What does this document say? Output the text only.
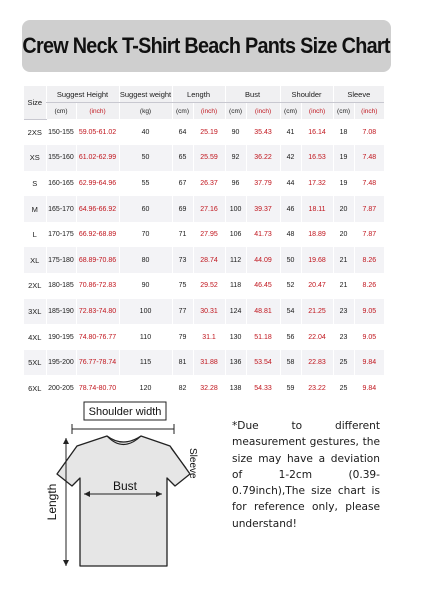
Crew Neck T-Shirt Beach Pants Size Chart
Size	Suggest Height		Suggest weight	Length		Bust		Shoulder		Sleeve	
	(cm)	(inch)	(kg)	(cm)	(inch)	(cm)	(inch)	(cm)	(inch)	(cm)	(inch)
2XS	150-155	59.05-61.02	40	64	25.19	90	35.43	41	16.14	18	7.08
XS	155-160	61.02-62.99	50	65	25.59	92	36.22	42	16.53	19	7.48
S	160-165	62.99-64.96	55	67	26.37	96	37.79	44	17.32	19	7.48
M	165-170	64.96-66.92	60	69	27.16	100	39.37	46	18.11	20	7.87
L	170-175	66.92-68.89	70	71	27.95	106	41.73	48	18.89	20	7.87
XL	175-180	68.89-70.86	80	73	28.74	112	44.09	50	19.68	21	8.26
2XL	180-185	70.86-72.83	90	75	29.52	118	46.45	52	20.47	21	8.26
3XL	185-190	72.83-74.80	100	77	30.31	124	48.81	54	21.25	23	9.05
4XL	190-195	74.80-76.77	110	79	31.1	130	51.18	56	22.04	23	9.05
5XL	195-200	76.77-78.74	115	81	31.88	136	53.54	58	22.83	25	9.84
6XL	200-205	78.74-80.70	120	82	32.28	138	54.33	59	23.22	25	9.84
Shoulder width
Sleeve
Bust
Length
*Due to different measurement gestures, the size may have a deviation of 1-2cm (0.39-0.79inch),The size chart is for reference only, please understand!
